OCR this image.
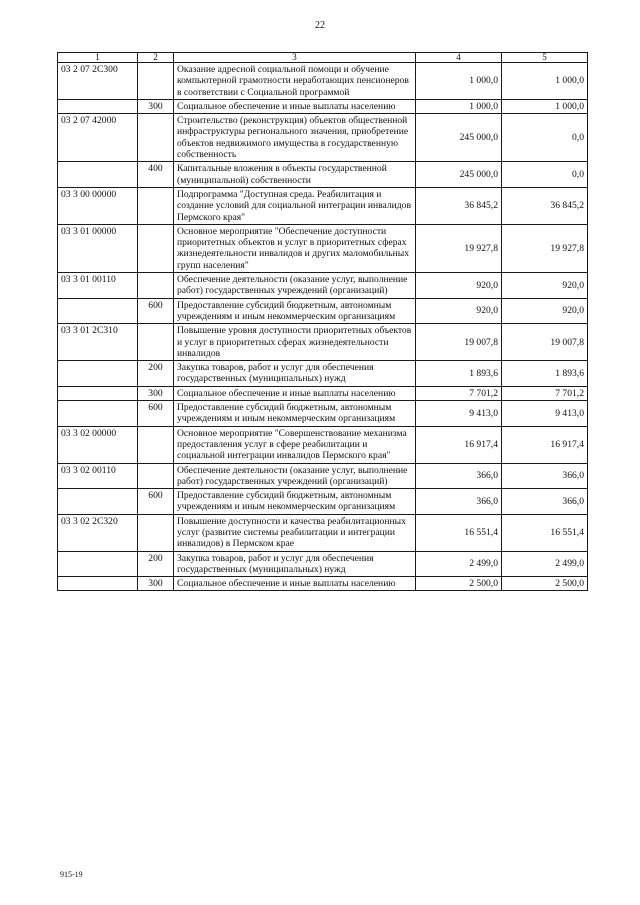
22
1	2	3	4	5
03 2 07 2С300		Оказание адресной социальной помощи и обучение компьютерной грамотности неработающих пенсионеров в соответствии с Социальной программой	1 000,0	1 000,0
	300	Социальное обеспечение и иные выплаты населению	1 000,0	1 000,0
03 2 07 42000		Строительство (реконструкция) объектов общественной инфраструктуры регионального значения, приобретение объектов недвижимого имущества в государственную собственность	245 000,0	0,0
	400	Капитальные вложения в объекты государственной (муниципальной) собственности	245 000,0	0,0
03 3 00 00000		Подпрограмма "Доступная среда. Реабилитация и создание условий для социальной интеграции инвалидов Пермского края"	36 845,2	36 845,2
03 3 01 00000		Основное мероприятие "Обеспечение доступности приоритетных объектов и услуг в приоритетных сферах жизнедеятельности инвалидов и других маломобильных групп населения"	19 927,8	19 927,8
03 3 01 00110		Обеспечение деятельности (оказание услуг, выполнение работ) государственных учреждений (организаций)	920,0	920,0
	600	Предоставление субсидий бюджетным, автономным учреждениям и иным некоммерческим организациям	920,0	920,0
03 3 01 2С310		Повышение уровня доступности приоритетных объектов и услуг в приоритетных сферах жизнедеятельности инвалидов	19 007,8	19 007,8
	200	Закупка товаров, работ и услуг для обеспечения государственных (муниципальных) нужд	1 893,6	1 893,6
	300	Социальное обеспечение и иные выплаты населению	7 701,2	7 701,2
	600	Предоставление субсидий бюджетным, автономным учреждениям и иным некоммерческим организациям	9 413,0	9 413,0
03 3 02 00000		Основное мероприятие "Совершенствование механизма предоставления услуг в сфере реабилитации и социальной интеграции инвалидов Пермского края"	16 917,4	16 917,4
03 3 02 00110		Обеспечение деятельности (оказание услуг, выполнение работ) государственных учреждений (организаций)	366,0	366,0
	600	Предоставление субсидий бюджетным, автономным учреждениям и иным некоммерческим организациям	366,0	366,0
03 3 02 2С320		Повышение доступности и качества реабилитационных услуг (развитие системы реабилитации и интеграции инвалидов) в Пермском крае	16 551,4	16 551,4
	200	Закупка товаров, работ и услуг для обеспечения государственных (муниципальных) нужд	2 499,0	2 499,0
	300	Социальное обеспечение и иные выплаты населению	2 500,0	2 500,0
915-19
